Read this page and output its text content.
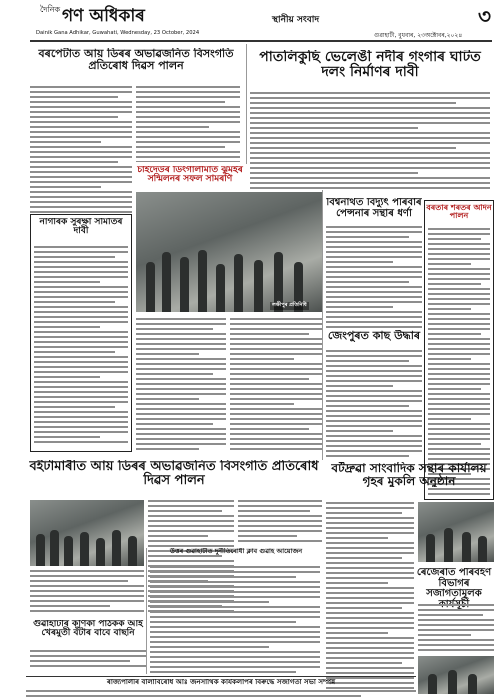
দৈনিক গণ অধিকাৰ	স্থানীয় সংবাদ	৩
Dainik Gana Adhikar, Guwahati, Wednesday, 23 October, 2024	গুৱাহাটী, বুধবাৰ, ২৩অক্টোবৰ,২০২৪
বৰপেটাত আয় ডিঁৰৰ অভাৱজনিত বিসংগতি প্ৰতিৰোধ দিৱস পালন
পাতলিকুছি ভেলেঙী নদীৰ গংগাৰ ঘাটত দলং নিৰ্মাণৰ দাবী
নাগৰিক সুৰক্ষা সমিতিৰ দাবী
চাইদেউৰ ডিংগালীমাত ঝুমইৰ সন্মিলনৰ সফল সামৰণি
বিশ্বনাথত বিদ্যুৎ পৰিবাৰ পেন্সনাৰ সন্থাৰ ধৰ্ণা	বৰতাৰ শৰতৰ অদিন পালন
জেংপুৰত কাছ উদ্ধাৰ
বৰ্টদ্ৰুৱা সাংবাদিক সন্থাৰ কাৰ্যালয় গৃহৰ মুকলি অনুষ্ঠান
বইটামাৰীত আয় ডিঁৰৰ অভাৱজনিত বিসংগতি প্ৰতিৰোধ দিৱস পালন
গুৱাহাটীৰ কণিকা পাঠকক আই খেৰমুতী বঁটাৰ বাবে বাছনি
উত্তৰ গুৱাহাটীত দুৰ্নীতিৰোধী ক্লাব গুৱাহ আয়োজন
ৰেজেৰাত পৰিবহণ বিভাগৰ সজাগতামূলক
ৰাজ্যপালীৰ বালাবিৰোধ আঃ জনসাথিক কাৰ্যকলাপৰ বিৰুদ্ধে সজাগতা সভা সম্পন্ন
লক্ষীপুৰ প্ৰতিনিধি
